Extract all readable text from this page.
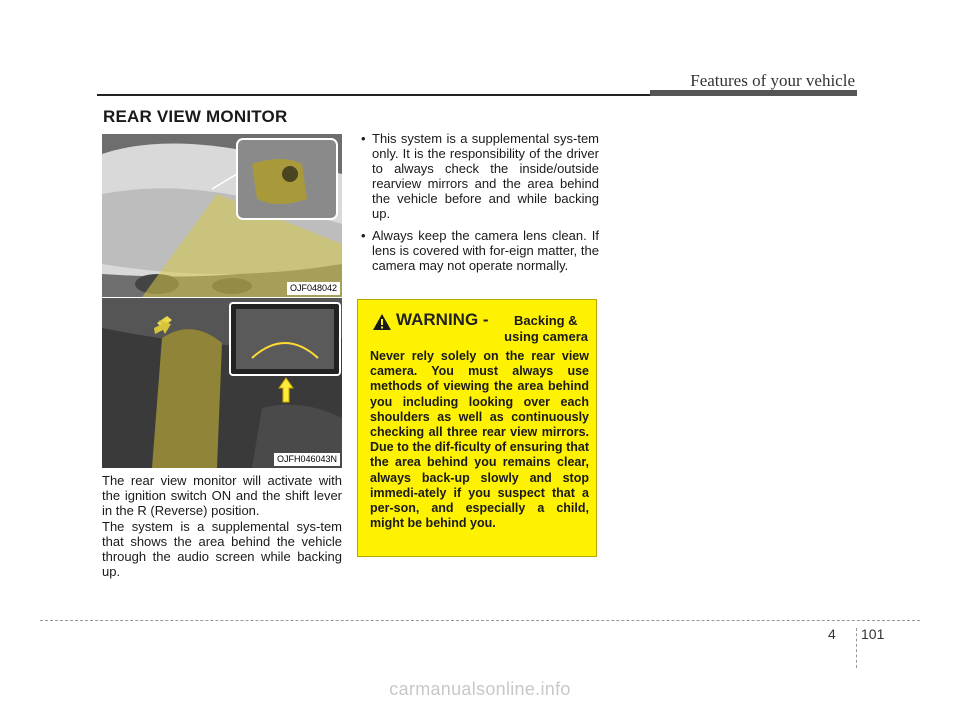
Features of your vehicle
REAR VIEW MONITOR
OJF048042
OJFH046043N

The rear view monitor will activate with the ignition switch ON and the shift lever in the R (Reverse) position.

The system is a supplemental sys-tem that shows the area behind the vehicle through the audio screen while backing up.

• This system is a supplemental sys-tem only. It is the responsibility of the driver to always check the inside/outside rearview mirrors and the area behind the vehicle before and while backing up.
• Always keep the camera lens clean. If lens is covered with for-eign matter, the camera may not operate normally.
WARNING - Backing &
using camera

Never rely solely on the rear view camera. You must always use methods of viewing the area behind you including looking over each shoulders as well as continuously checking all three rear view mirrors. Due to the dif-ficulty of ensuring that the area behind you remains clear, always back-up slowly and stop immedi-ately if you suspect that a per-son, and especially a child, might be behind you.

4 101
carmanualsonline.info
